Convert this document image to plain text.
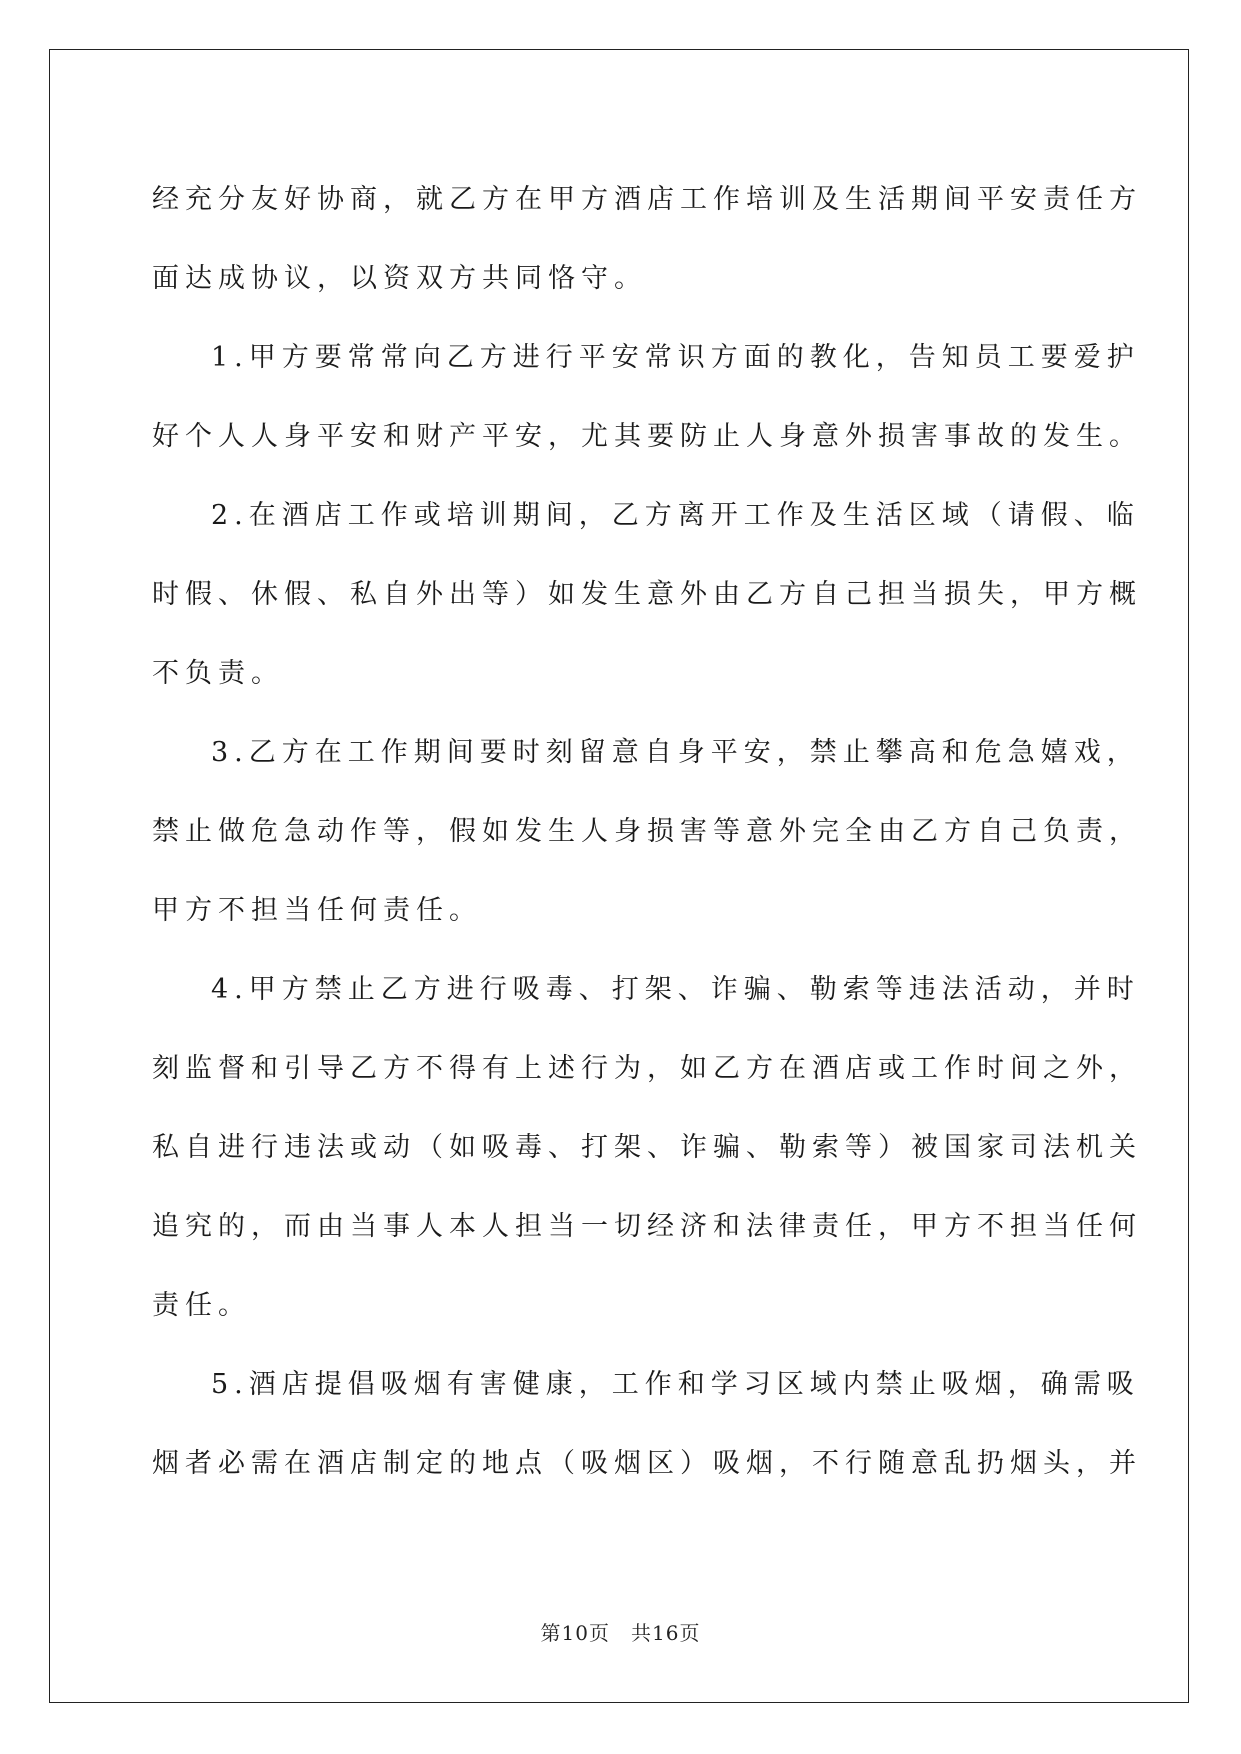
经充分友好协商，就乙方在甲方酒店工作培训及生活期间平安责任方
面达成协议，以资双方共同恪守。
1.甲方要常常向乙方进行平安常识方面的教化，告知员工要爱护
好个人人身平安和财产平安，尤其要防止人身意外损害事故的发生。
2.在酒店工作或培训期间，乙方离开工作及生活区域（请假、临
时假、休假、私自外出等）如发生意外由乙方自己担当损失，甲方概
不负责。
3.乙方在工作期间要时刻留意自身平安，禁止攀高和危急嬉戏，
禁止做危急动作等，假如发生人身损害等意外完全由乙方自己负责，
甲方不担当任何责任。
4.甲方禁止乙方进行吸毒、打架、诈骗、勒索等违法活动，并时
刻监督和引导乙方不得有上述行为，如乙方在酒店或工作时间之外，
私自进行违法或动（如吸毒、打架、诈骗、勒索等）被国家司法机关
追究的，而由当事人本人担当一切经济和法律责任，甲方不担当任何
责任。
5.酒店提倡吸烟有害健康，工作和学习区域内禁止吸烟，确需吸
烟者必需在酒店制定的地点（吸烟区）吸烟，不行随意乱扔烟头，并
第10页　共16页
